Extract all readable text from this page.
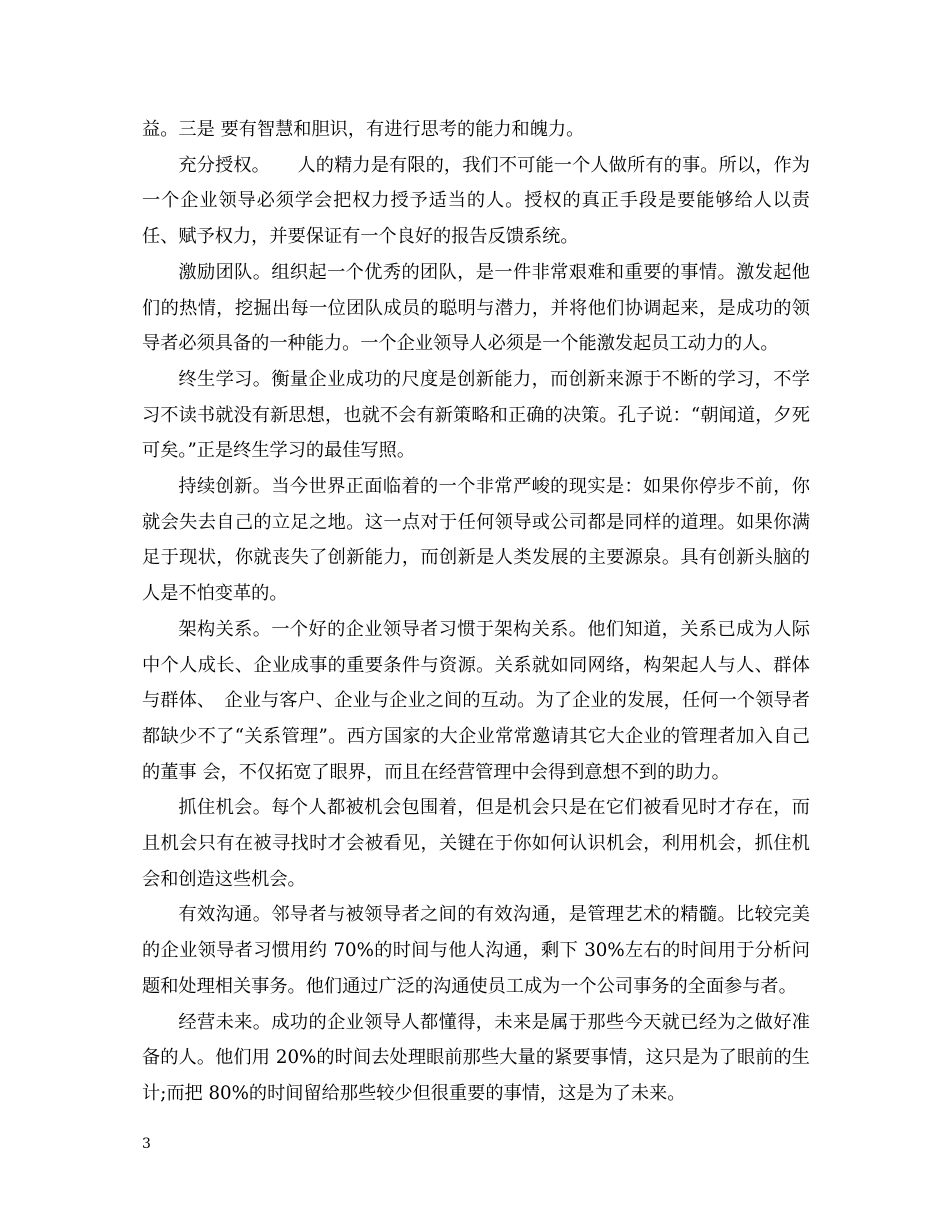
益。三是 要有智慧和胆识，有进行思考的能力和魄力。

充分授权。　　人的精力是有限的，我们不可能一个人做所有的事。所以，作为一个企业领导必须学会把权力授予适当的人。授权的真正手段是要能够给人以责任、赋予权力，并要保证有一个良好的报告反馈系统。

激励团队。组织起一个优秀的团队，是一件非常艰难和重要的事情。激发起他们的热情，挖掘出每一位团队成员的聪明与潜力，并将他们协调起来，是成功的领导者必须具备的一种能力。一个企业领导人必须是一个能激发起员工动力的人。

终生学习。衡量企业成功的尺度是创新能力，而创新来源于不断的学习，不学习不读书就没有新思想，也就不会有新策略和正确的决策。孔子说：“朝闻道，夕死可矣。”正是终生学习的最佳写照。

持续创新。当今世界正面临着的一个非常严峻的现实是：如果你停步不前，你就会失去自己的立足之地。这一点对于任何领导或公司都是同样的道理。如果你满足于现状，你就丧失了创新能力，而创新是人类发展的主要源泉。具有创新头脑的人是不怕变革的。

架构关系。一个好的企业领导者习惯于架构关系。他们知道，关系已成为人际中个人成长、企业成事的重要条件与资源。关系就如同网络，构架起人与人、群体与群体、　企业与客户、企业与企业之间的互动。为了企业的发展，任何一个领导者都缺少不了“关系管理”。西方国家的大企业常常邀请其它大企业的管理者加入自己的董事 会，不仅拓宽了眼界，而且在经营管理中会得到意想不到的助力。

抓住机会。每个人都被机会包围着，但是机会只是在它们被看见时才存在，而且机会只有在被寻找时才会被看见，关键在于你如何认识机会，利用机会，抓住机会和创造这些机会。

有效沟通。邻导者与被领导者之间的有效沟通，是管理艺术的精髓。比较完美的企业领导者习惯用约 70%的时间与他人沟通，剩下 30%左右的时间用于分析问题和处理相关事务。他们通过广泛的沟通使员工成为一个公司事务的全面参与者。

经营未来。成功的企业领导人都懂得，未来是属于那些今天就已经为之做好准备的人。他们用 20%的时间去处理眼前那些大量的紧要事情，这只是为了眼前的生计;而把 80%的时间留给那些较少但很重要的事情，这是为了未来。

3
